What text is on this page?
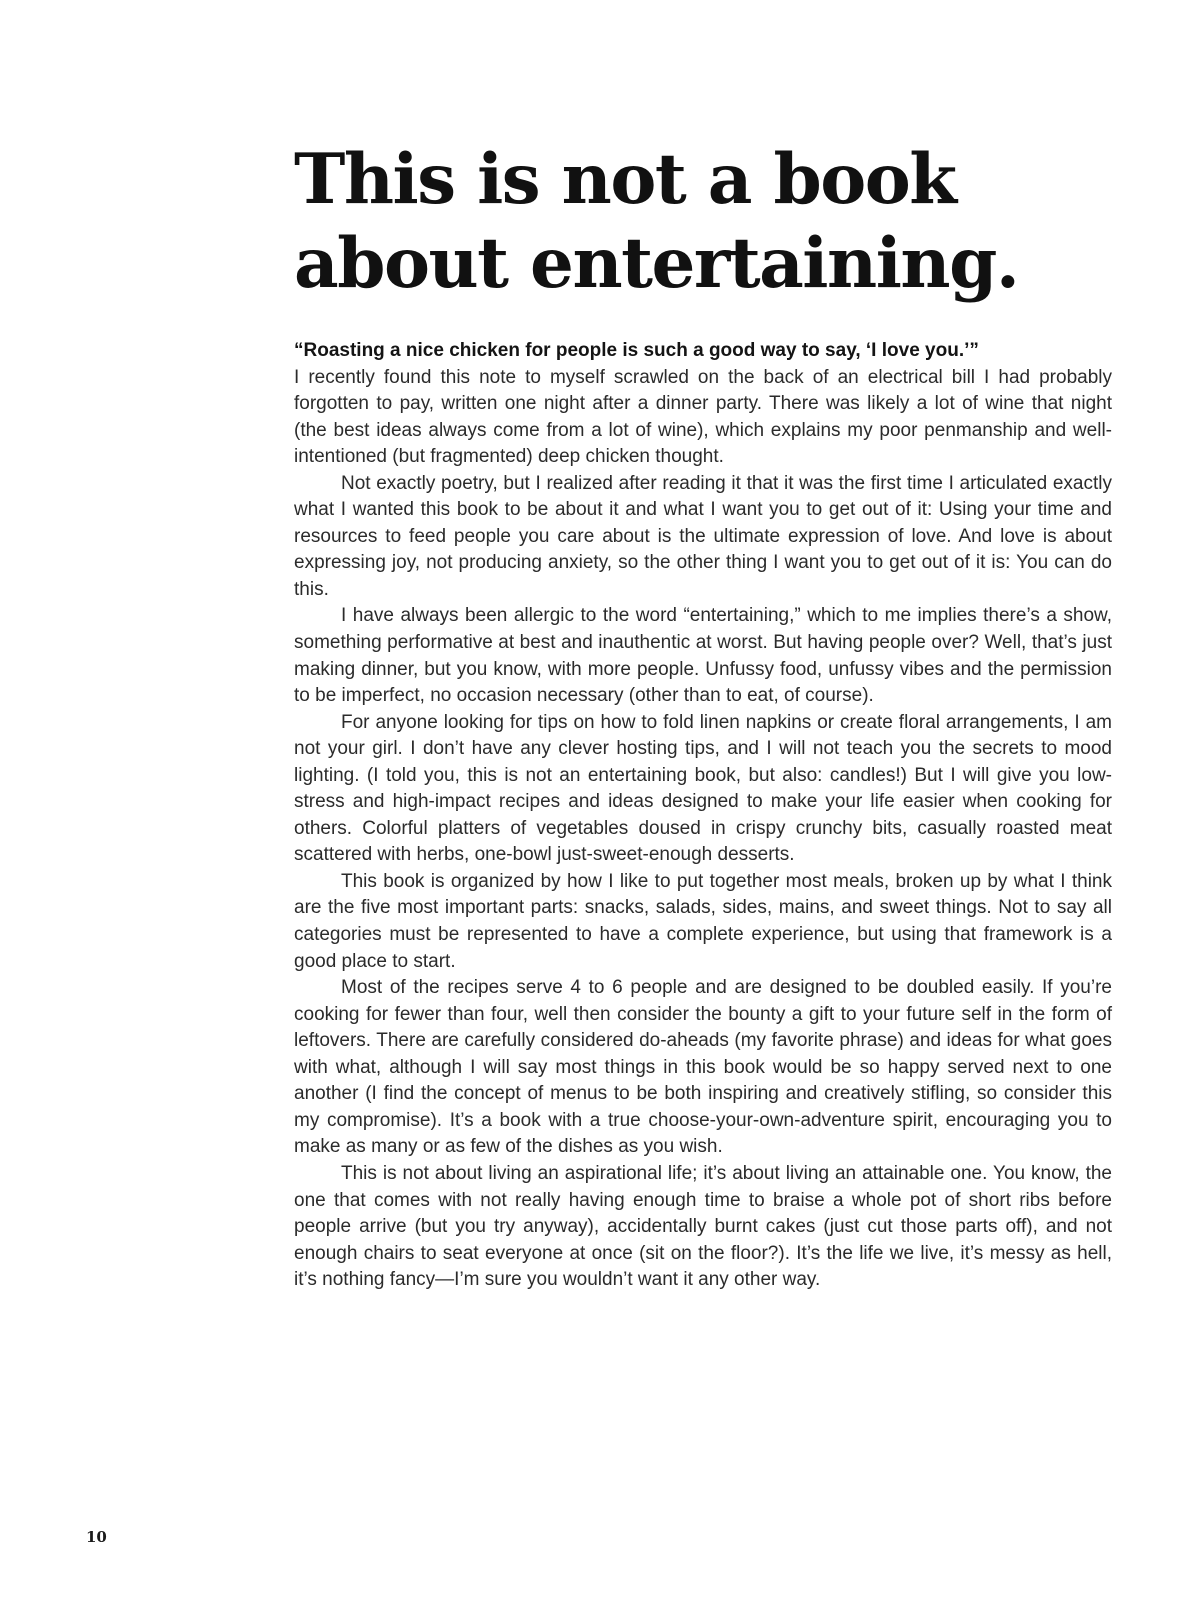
This is not a book
about entertaining.

“Roasting a nice chicken for people is such a good way to say, ‘I love you.’”

I recently found this note to myself scrawled on the back of an electrical bill I had probably forgotten to pay, written one night after a dinner party. There was likely a lot of wine that night (the best ideas always come from a lot of wine), which explains my poor penmanship and well-intentioned (but fragmented) deep chicken thought.

Not exactly poetry, but I realized after reading it that it was the first time I articulated exactly what I wanted this book to be about it and what I want you to get out of it: Using your time and resources to feed people you care about is the ultimate expression of love. And love is about expressing joy, not producing anxiety, so the other thing I want you to get out of it is: You can do this.

I have always been allergic to the word “entertaining,” which to me implies there’s a show, something performative at best and inauthentic at worst. But having people over? Well, that’s just making dinner, but you know, with more people. Unfussy food, unfussy vibes and the permission to be imperfect, no occasion necessary (other than to eat, of course).

For anyone looking for tips on how to fold linen napkins or create floral arrangements, I am not your girl. I don’t have any clever hosting tips, and I will not teach you the secrets to mood lighting. (I told you, this is not an entertaining book, but also: candles!) But I will give you low-stress and high-impact recipes and ideas designed to make your life easier when cooking for others. Colorful platters of vegetables doused in crispy crunchy bits, casually roasted meat scattered with herbs, one-bowl just-sweet-enough desserts.

This book is organized by how I like to put together most meals, broken up by what I think are the five most important parts: snacks, salads, sides, mains, and sweet things. Not to say all categories must be represented to have a complete experience, but using that framework is a good place to start.

Most of the recipes serve 4 to 6 people and are designed to be doubled easily. If you’re cooking for fewer than four, well then consider the bounty a gift to your future self in the form of leftovers. There are carefully considered do-aheads (my favorite phrase) and ideas for what goes with what, although I will say most things in this book would be so happy served next to one another (I find the concept of menus to be both inspiring and creatively stifling, so consider this my compromise). It’s a book with a true choose-your-own-adventure spirit, encouraging you to make as many or as few of the dishes as you wish.

This is not about living an aspirational life; it’s about living an attainable one. You know, the one that comes with not really having enough time to braise a whole pot of short ribs before people arrive (but you try anyway), accidentally burnt cakes (just cut those parts off), and not enough chairs to seat everyone at once (sit on the floor?). It’s the life we live, it’s messy as hell, it’s nothing fancy—I’m sure you wouldn’t want it any other way.

10
